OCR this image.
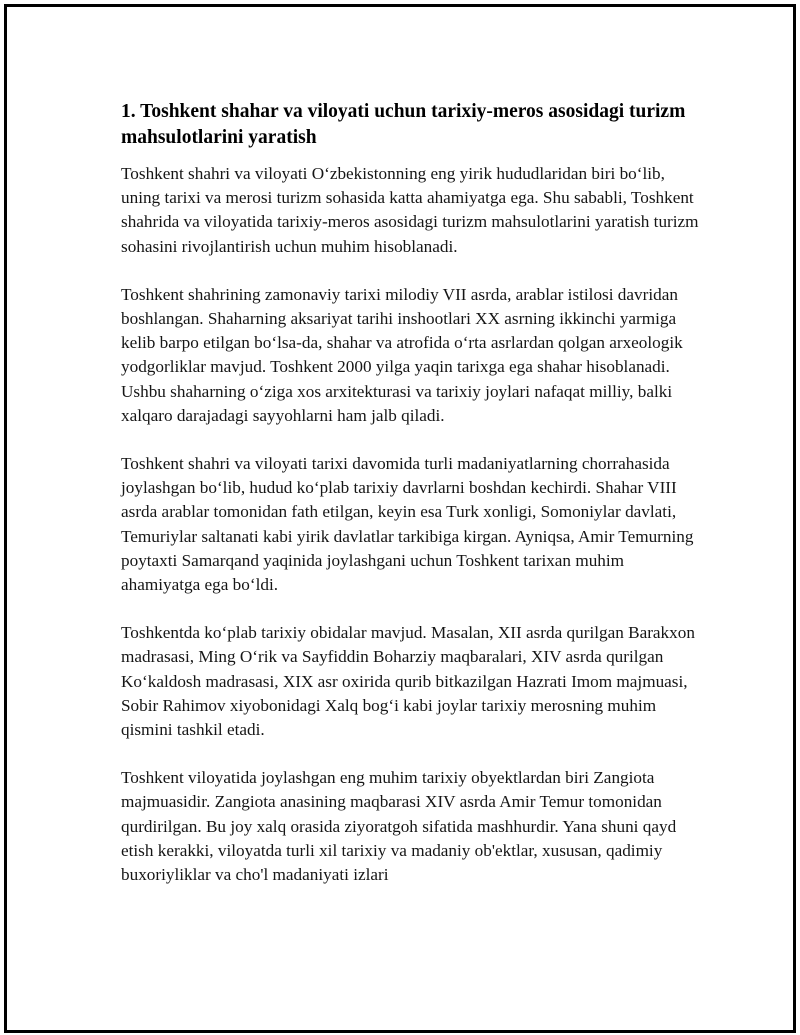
1. Toshkent shahar va viloyati uchun tarixiy-meros asosidagi turizm mahsulotlarini yaratish

Toshkent shahri va viloyati O‘zbekistonning eng yirik hududlaridan biri bo‘lib, uning tarixi va merosi turizm sohasida katta ahamiyatga ega. Shu sababli, Toshkent shahrida va viloyatida tarixiy-meros asosidagi turizm mahsulotlarini yaratish turizm sohasini rivojlantirish uchun muhim hisoblanadi.

Toshkent shahrining zamonaviy tarixi milodiy VII asrda, arablar istilosi davridan boshlangan. Shaharning aksariyat tarihi inshootlari XX asrning ikkinchi yarmiga kelib barpo etilgan bo‘lsa-da, shahar va atrofida o‘rta asrlardan qolgan arxeologik yodgorliklar mavjud. Toshkent 2000 yilga yaqin tarixga ega shahar hisoblanadi. Ushbu shaharning o‘ziga xos arxitekturasi va tarixiy joylari nafaqat milliy, balki xalqaro darajadagi sayyohlarni ham jalb qiladi.

Toshkent shahri va viloyati tarixi davomida turli madaniyatlarning chorrahasida joylashgan bo‘lib, hudud ko‘plab tarixiy davrlarni boshdan kechirdi. Shahar VIII asrda arablar tomonidan fath etilgan, keyin esa Turk xonligi, Somoniylar davlati, Temuriylar saltanati kabi yirik davlatlar tarkibiga kirgan. Ayniqsa, Amir Temurning poytaxti Samarqand yaqinida joylashgani uchun Toshkent tarixan muhim ahamiyatga ega bo‘ldi.

Toshkentda ko‘plab tarixiy obidalar mavjud. Masalan, XII asrda qurilgan Barakxon madrasasi, Ming O‘rik va Sayfiddin Boharziy maqbaralari, XIV asrda qurilgan Ko‘kaldosh madrasasi, XIX asr oxirida qurib bitkazilgan Hazrati Imom majmuasi, Sobir Rahimov xiyobonidagi Xalq bog‘i kabi joylar tarixiy merosning muhim qismini tashkil etadi.

Toshkent viloyatida joylashgan eng muhim tarixiy obyektlardan biri Zangiota majmuasidir. Zangiota anasining maqbarasi XIV asrda Amir Temur tomonidan qurdirilgan. Bu joy xalq orasida ziyoratgoh sifatida mashhurdir. Yana shuni qayd etish kerakki, viloyatda turli xil tarixiy va madaniy ob'ektlar, xususan, qadimiy buxoriyliklar va cho'l madaniyati izlari
